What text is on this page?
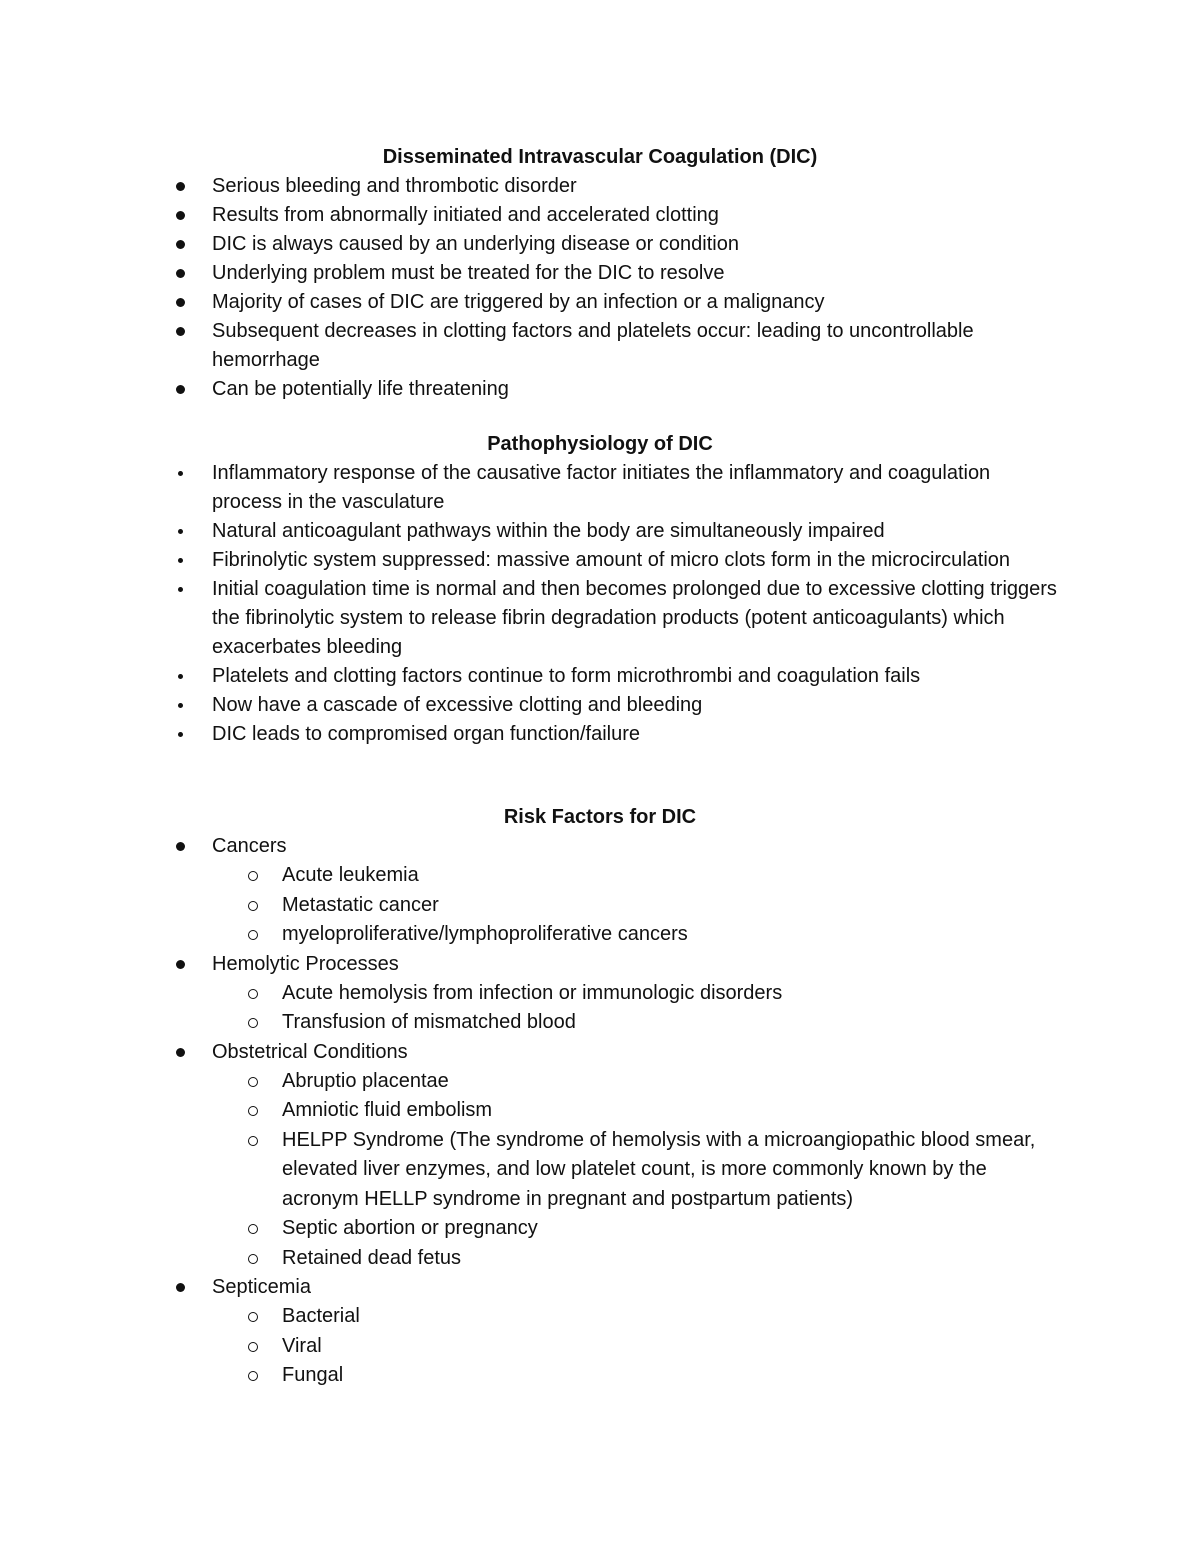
Disseminated Intravascular Coagulation (DIC)
Serious bleeding and thrombotic disorder
Results from abnormally initiated and accelerated clotting
DIC is always caused by an underlying disease or condition
Underlying problem must be treated for the DIC to resolve
Majority of cases of DIC are triggered by an infection or a malignancy
Subsequent decreases in clotting factors and platelets occur: leading to uncontrollable hemorrhage
Can be potentially life threatening
Pathophysiology of DIC
Inflammatory response of the causative factor initiates the inflammatory and coagulation process in the vasculature
Natural anticoagulant pathways within the body are simultaneously impaired
Fibrinolytic system suppressed: massive amount of micro clots form in the microcirculation
Initial coagulation time is normal and then becomes prolonged due to excessive clotting triggers the fibrinolytic system to release fibrin degradation products (potent anticoagulants) which exacerbates bleeding
Platelets and clotting factors continue to form microthrombi and coagulation fails
Now have a cascade of excessive clotting and bleeding
DIC leads to compromised organ function/failure
Risk Factors for DIC
Cancers
Acute leukemia
Metastatic cancer
myeloproliferative/lymphoproliferative cancers
Hemolytic Processes
Acute hemolysis from infection or immunologic disorders
Transfusion of mismatched blood
Obstetrical Conditions
Abruptio placentae
Amniotic fluid embolism
HELPP Syndrome (The syndrome of hemolysis with a microangiopathic blood smear, elevated liver enzymes, and low platelet count, is more commonly known by the acronym HELLP syndrome in pregnant and postpartum patients)
Septic abortion or pregnancy
Retained dead fetus
Septicemia
Bacterial
Viral
Fungal
